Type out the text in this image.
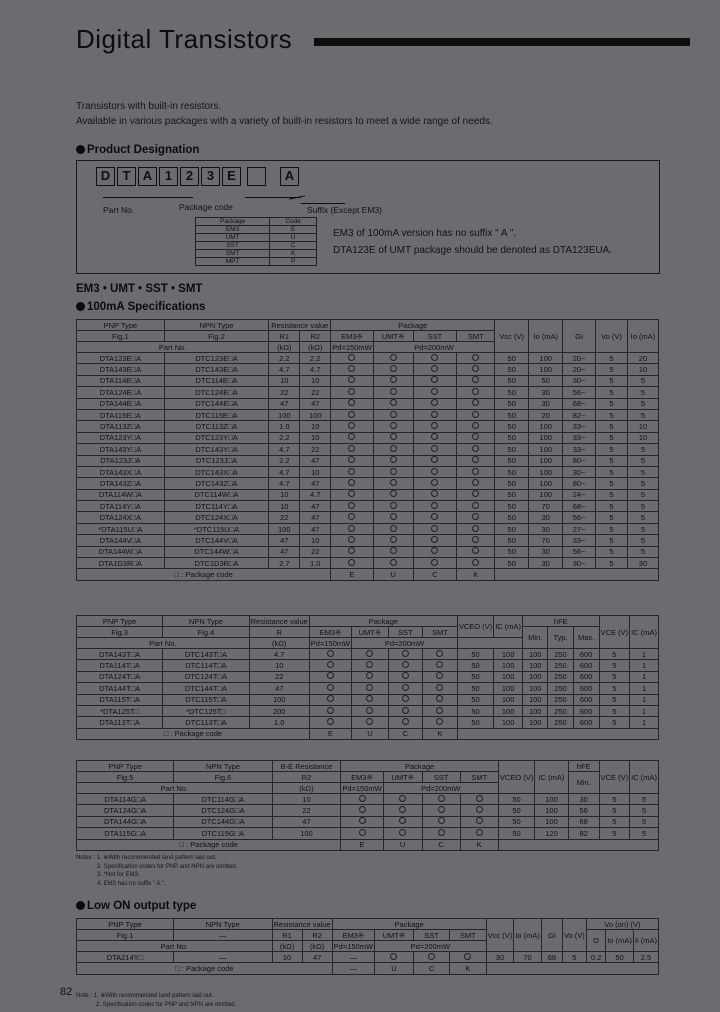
Digital Transistors
Transistors with built-in resistors.
Available in various packages with a variety of built-in resistors to meet a wide range of needs.
Product Designation
D T A 1	2	3	E	A
Part No.	Package code	Suffix (Except EM3)
Package	Code
EM3	E
UMT	U
SST	C
SMT	K
MPT	P
EM3 of 100mA version has no suffix " A ".
DTA123E of UMT package should be denoted as DTA123EUA.
EM3 • UMT • SST • SMT
100mA Specifications
PNP Type	NPN Type	Resistance value		Package				Vcc (V)	Io (mA)	GI	Vo (V)	Io (mA)
Fig.1	Fig.2	R1	R2	EM3※	UMT※	SST	SMT					
Part No.		(kΩ)	(kΩ)	Pd=150mW	Pd=200mW							
DTA123E□A	DTC123E□A	2.2	2.2					50	100	20~	5	20
DTA143E□A	DTC143E□A	4.7	4.7					50	100	20~	5	10
DTA114E□A	DTC114E□A	10	10					50	50	30~	5	5
DTA124E□A	DTC124E□A	22	22					50	30	56~	5	5
DTA144E□A	DTC144E□A	47	47					50	30	68~	5	5
DTA115E□A	DTC115E□A	100	100					50	20	82~	5	5
DTA113Z□A	DTC113Z□A	1.0	10					50	100	33~	5	10
DTA123Y□A	DTC123Y□A	2.2	10					50	100	33~	5	10
DTA143Y□A	DTC143Y□A	4.7	22					50	100	33~	5	5
DTA123J□A	DTC123J□A	2.2	47					50	100	80~	5	5
DTA143X□A	DTC143X□A	4.7	10					50	100	30~	5	5
DTA143Z□A	DTC143Z□A	4.7	47					50	100	80~	5	5
DTA114W□A	DTC114W□A	10	4.7					50	100	24~	5	5
DTA114Y□A	DTC114Y□A	10	47					50	70	68~	5	5
DTA124X□A	DTC124X□A	22	47					50	30	56~	5	5
*DTA115U□A	*DTC115U□A	100	47					50	30	27~	5	5
DTA144V□A	DTC144V□A	47	10					50	70	33~	5	5
DTA144W□A	DTC144W□A	47	22					50	30	56~	5	5
DTA1D3R□A	DTC1D3R□A	2.7	1.0					50	30	30~	5	30
□ : Package code				E	U	C	K					
PNP Type	NPN Type	Resistance value	Package				VCEO (V)	IC (mA)	hFE			VCE (V)	IC (mA)
Fig.3	Fig.4	R	EM3※	UMT※	SST	SMT			Min.	Typ.	Max.		
Part No.		(kΩ)	Pd=150mW	Pd=200mW									
DTA143T□A	DTC143T□A	4.7					50	100	100	250	600	5	1
DTA114T□A	DTC114T□A	10					50	100	100	250	600	5	1
DTA124T□A	DTC124T□A	22					50	100	100	250	600	5	1
DTA144T□A	DTC144T□A	47					50	100	100	250	600	5	1
DTA115T□A	DTC115T□A	100					50	100	100	250	600	5	1
*DTA125T□	*DTC125T□	200					50	100	100	250	600	5	1
DTA113T□A	DTC113T□A	1.0					50	100	100	250	600	5	1
□ : Package code			E	U	C	K							
PNP Type	NPN Type	B-E Resistance	Package				VCEO (V)	IC (mA)	hFE	VCE (V)	IC (mA)
Fig.5	Fig.6	R2	EM3※	UMT※	SST	SMT			Min.		
Part No.		(kΩ)	Pd=150mW	Pd=200mW							
DTA114G□A	DTC114G□A	10					50	100	30	5	5
DTA124G□A	DTC124G□A	22					50	100	56	5	5
DTA144G□A	DTC144G□A	47					50	100	68	5	5
DTA115G□A	DTC115G□A	100					50	120	82	5	5
□ : Package code			E	U	C	K					
Notes : 1. ※With recommended land pattern laid out.
2. Specification codes for PNP and NPN are omitted.
3. *Not for EM3.
4. EM3 has no suffix " A ".
Low ON output type
PNP Type	NPN Type	Resistance value		Package				Vcc (V)	Io (mA)	GI	Vo (V)	Vo (on) (V)		
Fig.1	—	R1	R2	EM3※	UMT※	SST	SMT					O	Io (mA)	Ii (mA)
Part No.		(kΩ)	(kΩ)	Pd=150mW	Pd=200mW									
DTA214Y□	—	10	47	—				30	70	68	5	0.2	50	2.5
□ : Package code				—	U	C	K							
Note : 1. ※With recommended land pattern laid out.
2. Specification codes for PNP and NPN are omitted.
82
